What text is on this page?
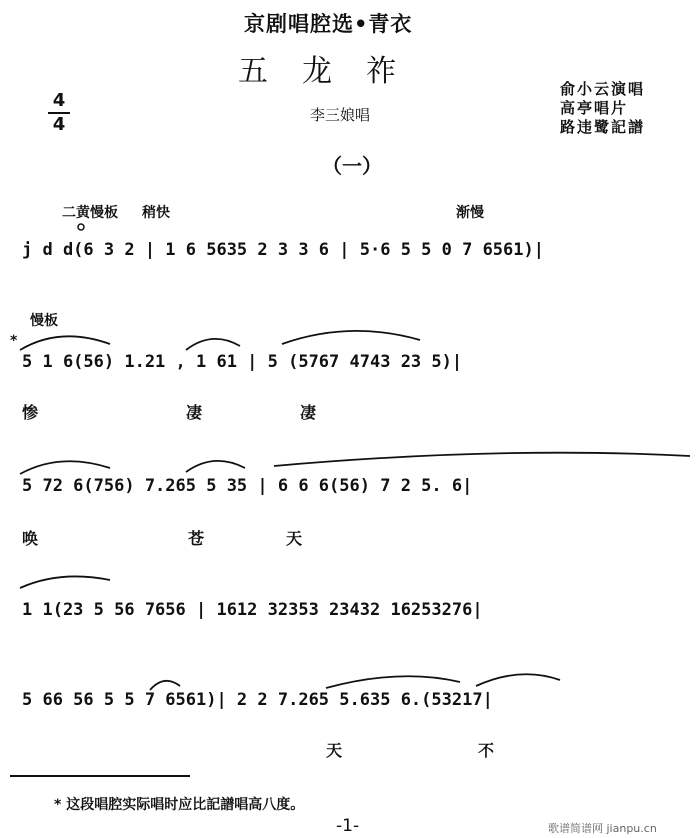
京剧唱腔选•青衣
五龙祚
李三娘唱
俞小云演唱
高亭唱片
路违鹭記譜
4
4
（一）
二黄慢板 稍快	渐慢
j d d(6 3 2 | 1 6 5635 2 3 3 6 | 5·6 5 5 0 7 6561)|
慢板
*
5 1 6(56) 1.21 , 1 61 | 5 (5767 4743 23 5)|
惨	凄	凄
5 72 6(756) 7.265 5 35 | 6 6 6(56) 7 2 5. 6|
唤	苍	天
1 1(23 5 56 7656 | 1612 32353 23432 16253276|
5 66 56 5 5 7 6561)| 2 2 7.265 5.635 6.(53217|
天	不
* 这段唱腔实际唱时应比記譜唱高八度。
-1-	歌谱简谱网 jianpu.cn
